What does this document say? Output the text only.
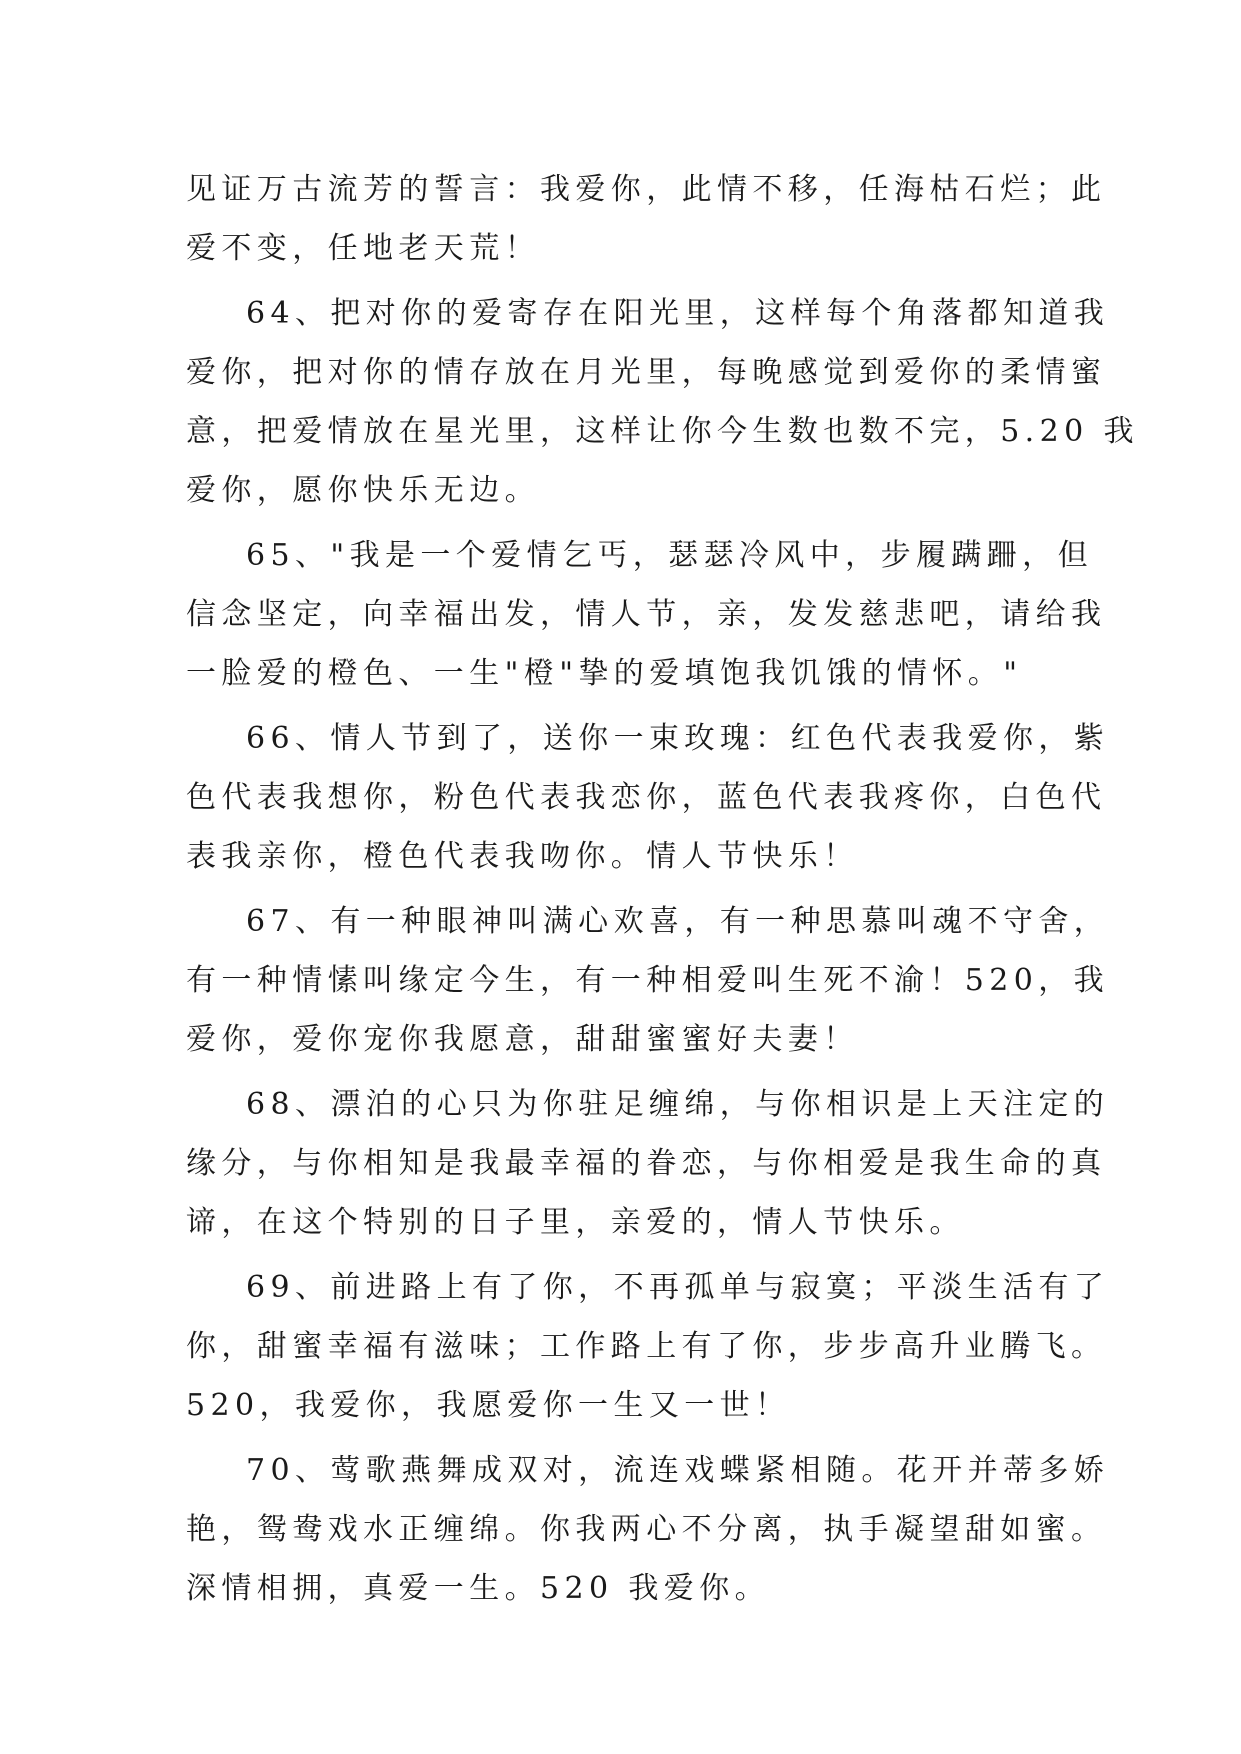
见证万古流芳的誓言：我爱你，此情不移，任海枯石烂；此
爱不变，任地老天荒！
64、把对你的爱寄存在阳光里，这样每个角落都知道我
爱你，把对你的情存放在月光里，每晚感觉到爱你的柔情蜜
意，把爱情放在星光里，这样让你今生数也数不完，5.20 我
爱你，愿你快乐无边。
65、"我是一个爱情乞丐，瑟瑟冷风中，步履蹒跚，但
信念坚定，向幸福出发，情人节，亲，发发慈悲吧，请给我
一脸爱的橙色、一生"橙"挚的爱填饱我饥饿的情怀。"
66、情人节到了，送你一束玫瑰：红色代表我爱你，紫
色代表我想你，粉色代表我恋你，蓝色代表我疼你，白色代
表我亲你，橙色代表我吻你。情人节快乐！
67、有一种眼神叫满心欢喜，有一种思慕叫魂不守舍，
有一种情愫叫缘定今生，有一种相爱叫生死不渝！520，我
爱你，爱你宠你我愿意，甜甜蜜蜜好夫妻！
68、漂泊的心只为你驻足缠绵，与你相识是上天注定的
缘分，与你相知是我最幸福的眷恋，与你相爱是我生命的真
谛，在这个特别的日子里，亲爱的，情人节快乐。
69、前进路上有了你，不再孤单与寂寞；平淡生活有了
你，甜蜜幸福有滋味；工作路上有了你，步步高升业腾飞。
520，我爱你，我愿爱你一生又一世！
70、莺歌燕舞成双对，流连戏蝶紧相随。花开并蒂多娇
艳，鸳鸯戏水正缠绵。你我两心不分离，执手凝望甜如蜜。
深情相拥，真爱一生。520 我爱你。
